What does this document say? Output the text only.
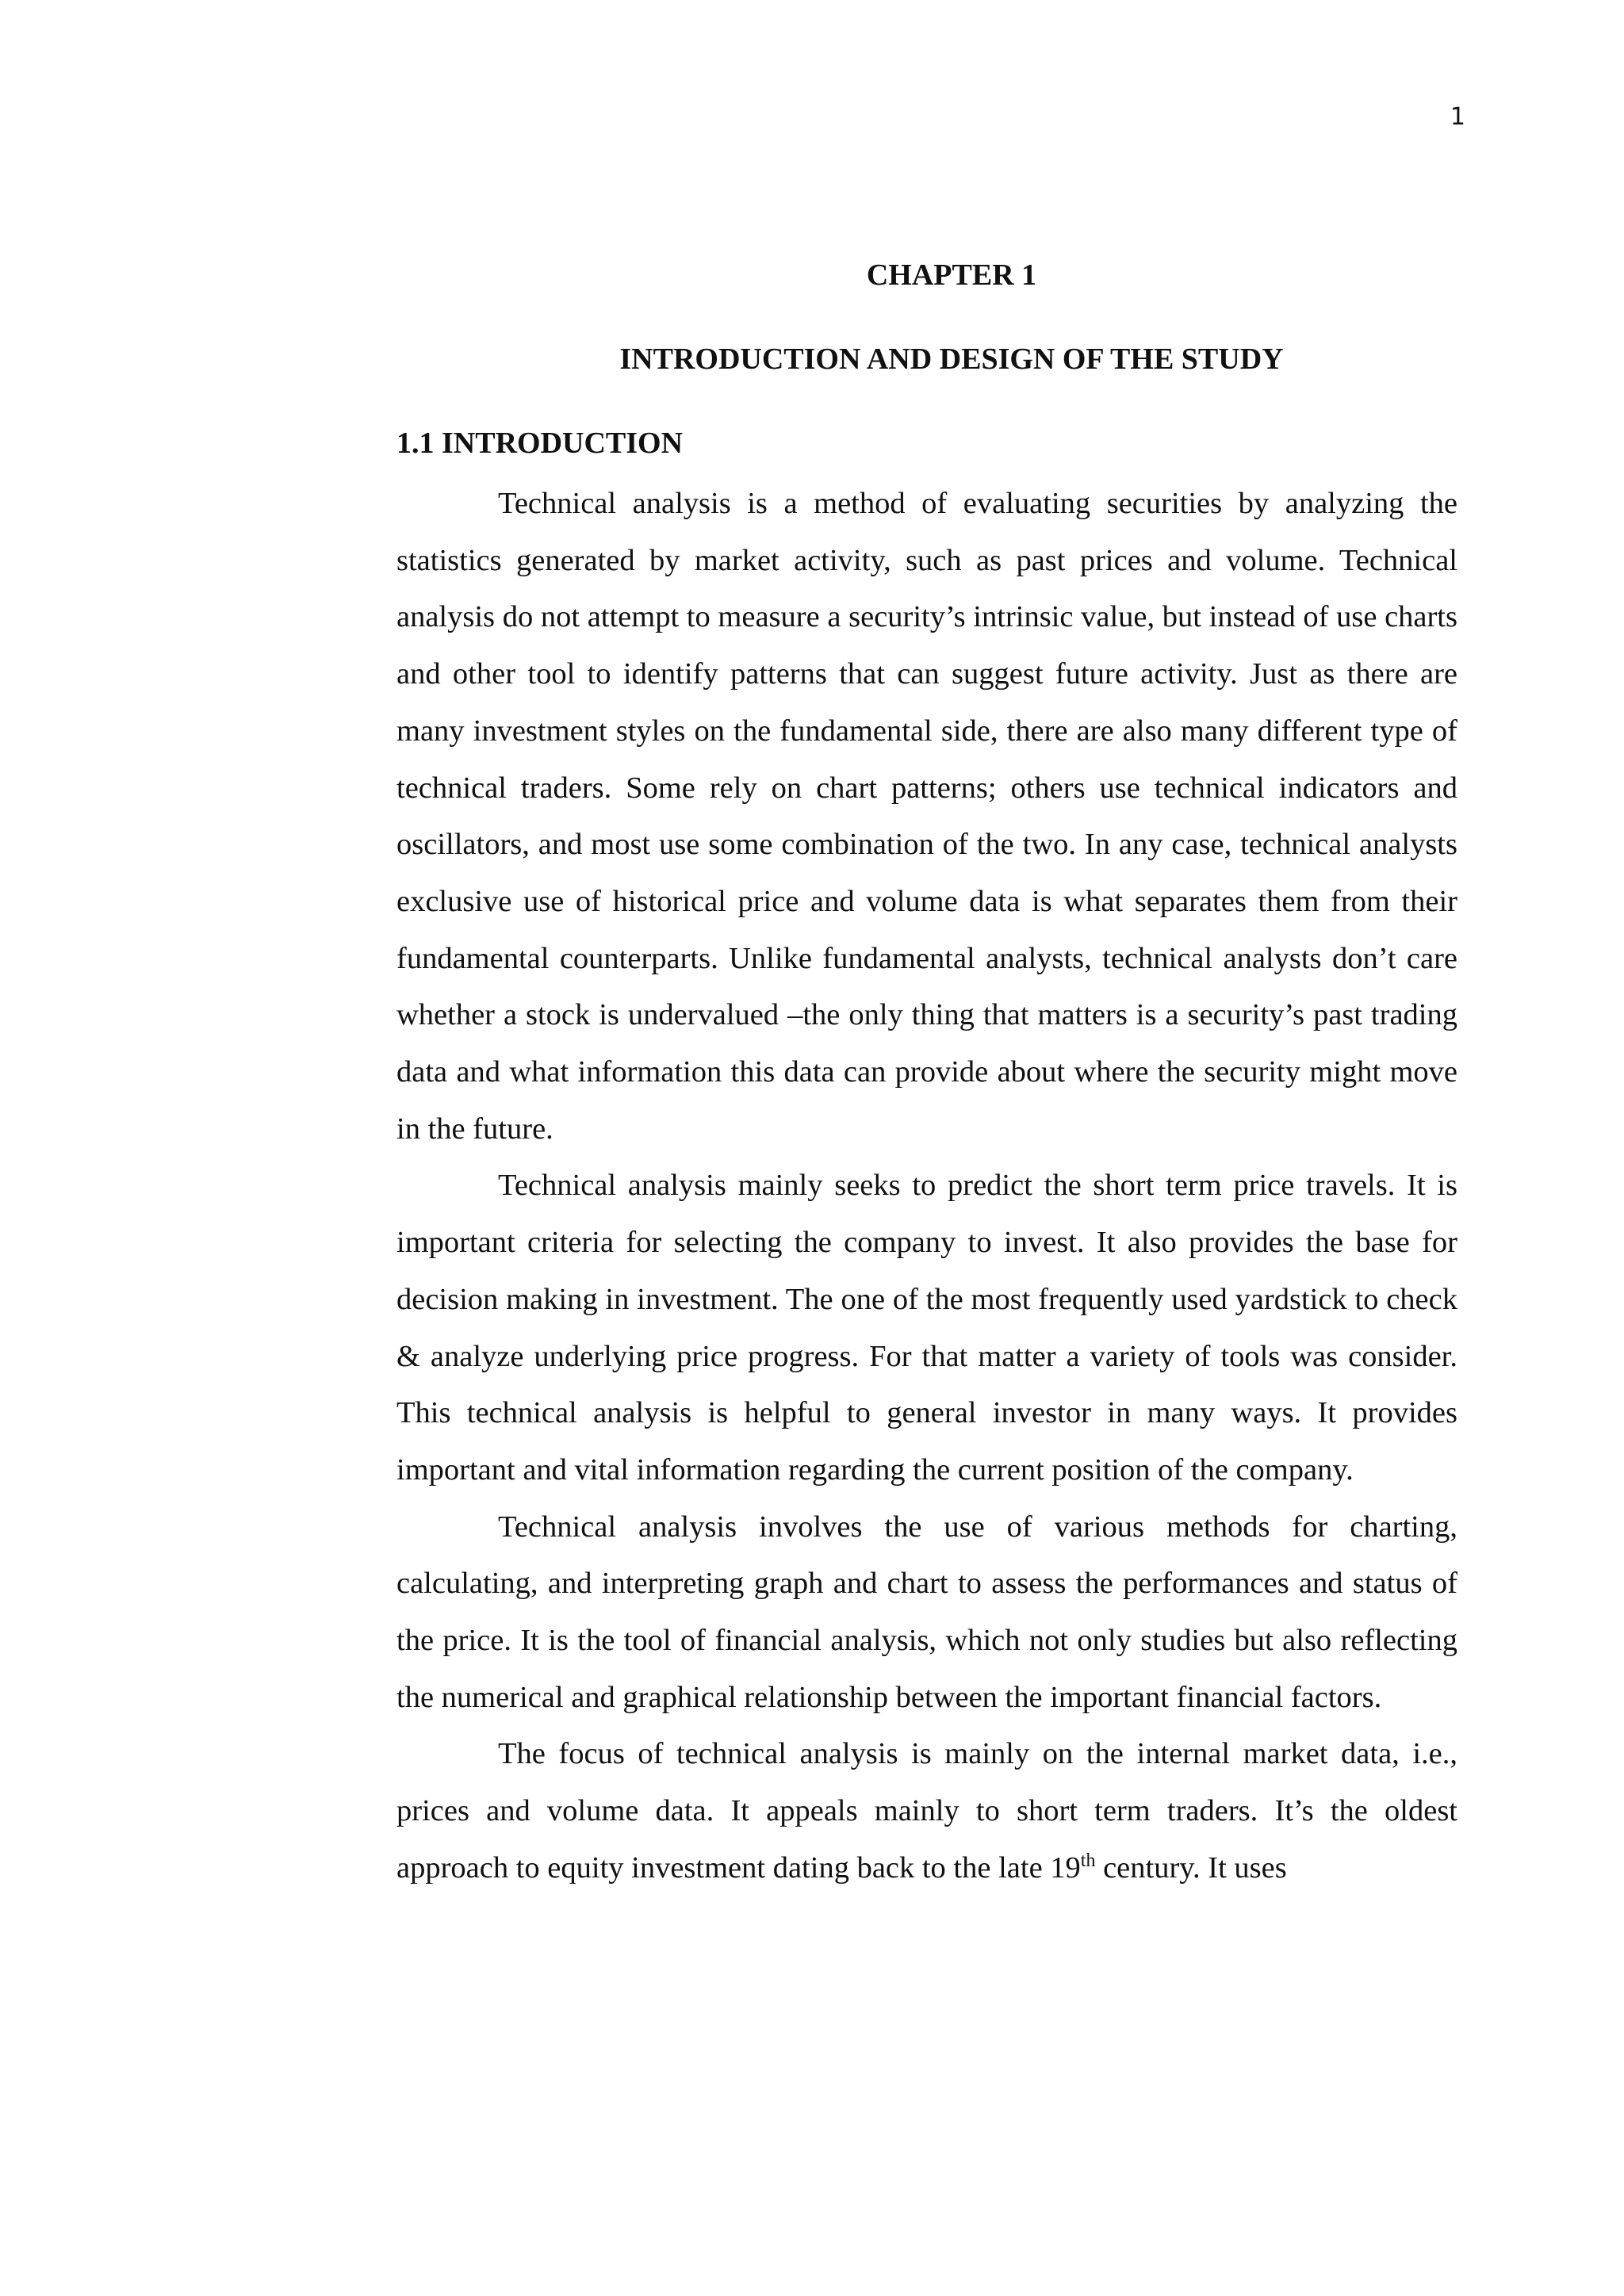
1
CHAPTER 1
INTRODUCTION AND DESIGN OF THE STUDY
1.1 INTRODUCTION

Technical analysis is a method of evaluating securities by analyzing the statistics generated by market activity, such as past prices and volume. Technical analysis do not attempt to measure a security’s intrinsic value, but instead of use charts and other tool to identify patterns that can suggest future activity. Just as there are many investment styles on the fundamental side, there are also many different type of technical traders. Some rely on chart patterns; others use technical indicators and oscillators, and most use some combination of the two. In any case, technical analysts exclusive use of historical price and volume data is what separates them from their fundamental counterparts. Unlike fundamental analysts, technical analysts don’t care whether a stock is undervalued –the only thing that matters is a security’s past trading data and what information this data can provide about where the security might move in the future.

Technical analysis mainly seeks to predict the short term price travels. It is important criteria for selecting the company to invest. It also provides the base for decision making in investment. The one of the most frequently used yardstick to check & analyze underlying price progress. For that matter a variety of tools was consider. This technical analysis is helpful to general investor in many ways. It provides important and vital information regarding the current position of the company.

Technical analysis involves the use of various methods for charting, calculating, and interpreting graph and chart to assess the performances and status of the price. It is the tool of financial analysis, which not only studies but also reflecting the numerical and graphical relationship between the important financial factors.

The focus of technical analysis is mainly on the internal market data, i.e., prices and volume data. It appeals mainly to short term traders. It’s the oldest approach to equity investment dating back to the late 19th century. It uses
